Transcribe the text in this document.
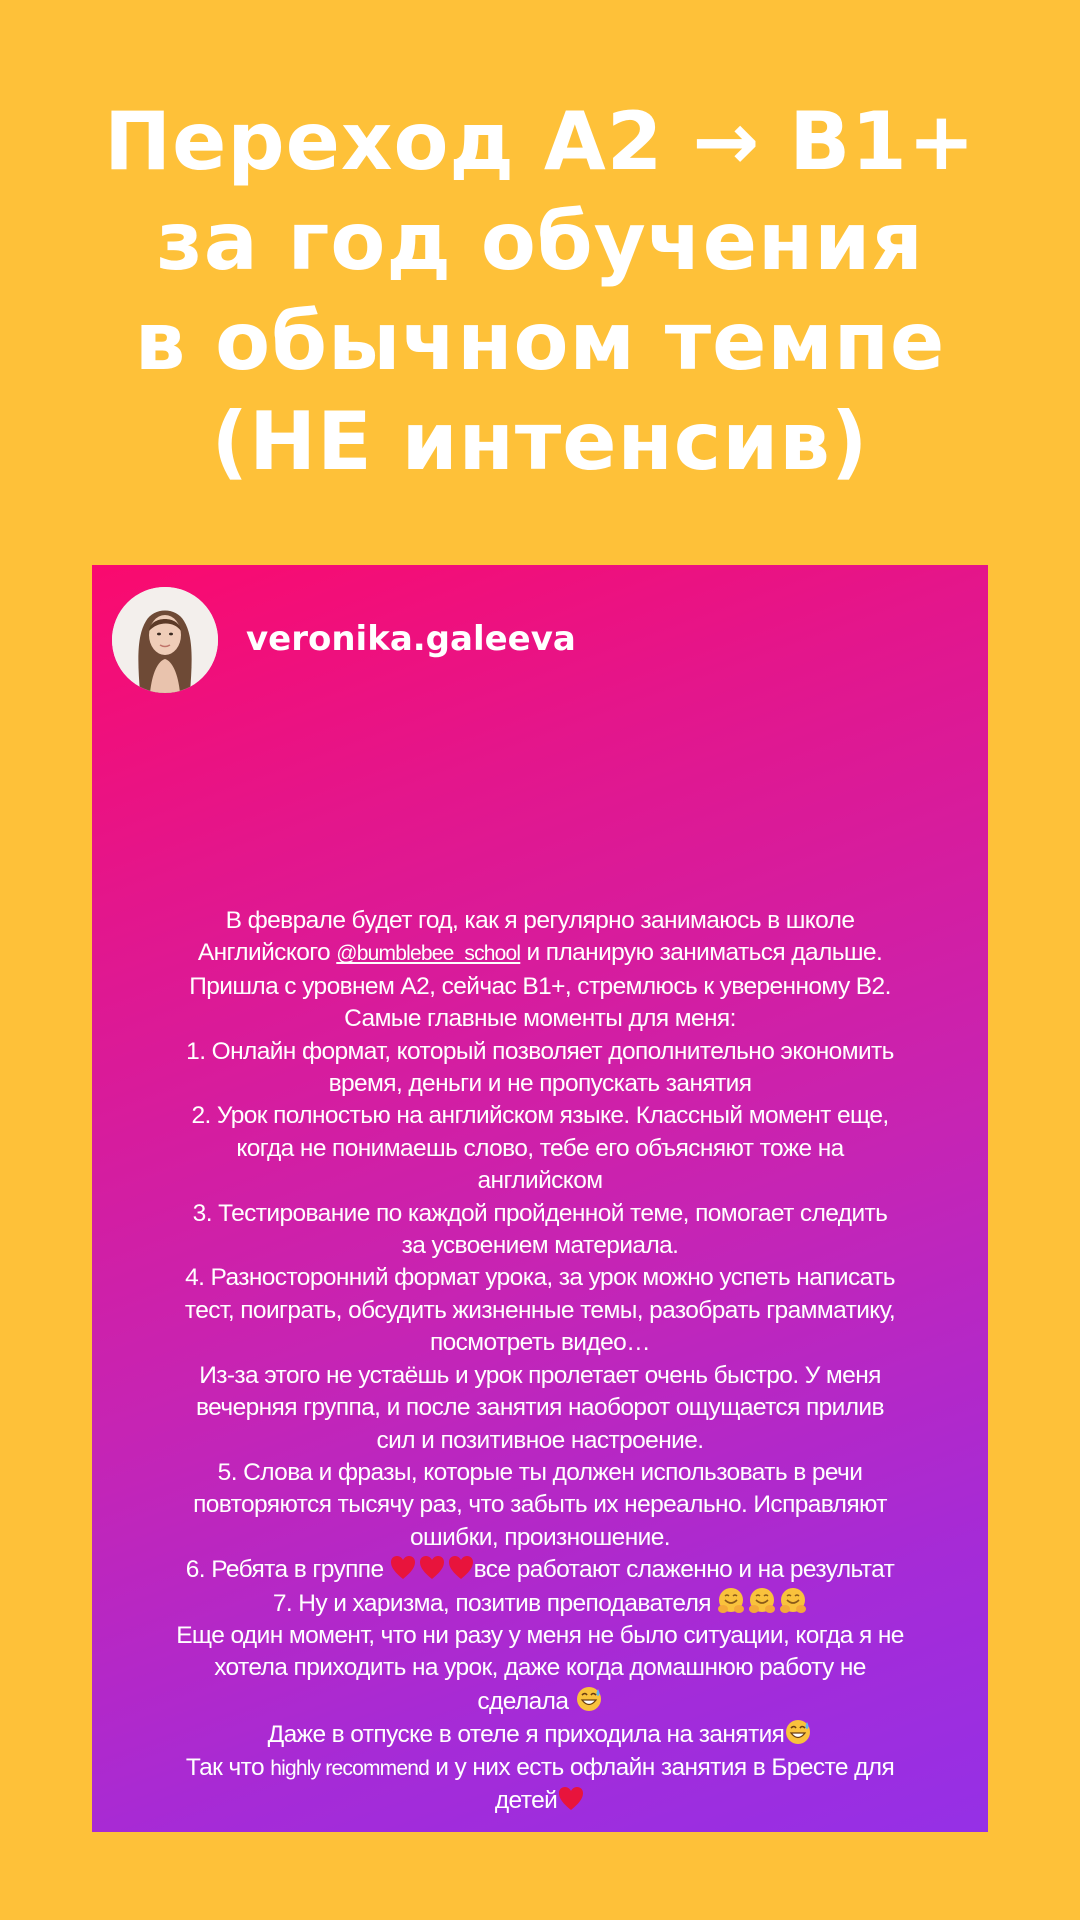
Переход A2 → B1+
за год обучения
в обычном темпе
(НЕ интенсив)
veronika.galeeva
В феврале будет год, как я регулярно занимаюсь в школе
Английского @bumblebee_school и планирую заниматься дальше.
Пришла с уровнем А2, сейчас В1+, стремлюсь к уверенному В2.
Самые главные моменты для меня:
1. Онлайн формат, который позволяет дополнительно экономить
время, деньги и не пропускать занятия
2. Урок полностью на английском языке. Классный момент еще,
когда не понимаешь слово, тебе его объясняют тоже на
английском
3. Тестирование по каждой пройденной теме, помогает следить
за усвоением материала.
4. Разносторонний формат урока, за урок можно успеть написать
тест, поиграть, обсудить жизненные темы, разобрать грамматику,
посмотреть видео…
Из-за этого не устаёшь и урок пролетает очень быстро. У меня
вечерняя группа, и после занятия наоборот ощущается прилив
сил и позитивное настроение.
5. Слова и фразы, которые ты должен использовать в речи
повторяются тысячу раз, что забыть их нереально. Исправляют
ошибки, произношение.
6. Ребята в группе	все работают слаженно и на результат
7. Ну и харизма, позитив преподавателя
Еще один момент, что ни разу у меня не было ситуации, когда я не
хотела приходить на урок, даже когда домашнюю работу не
сделала
Даже в отпуске в отеле я приходила на занятия
Так что highly recommend и у них есть офлайн занятия в Бресте для
детей
